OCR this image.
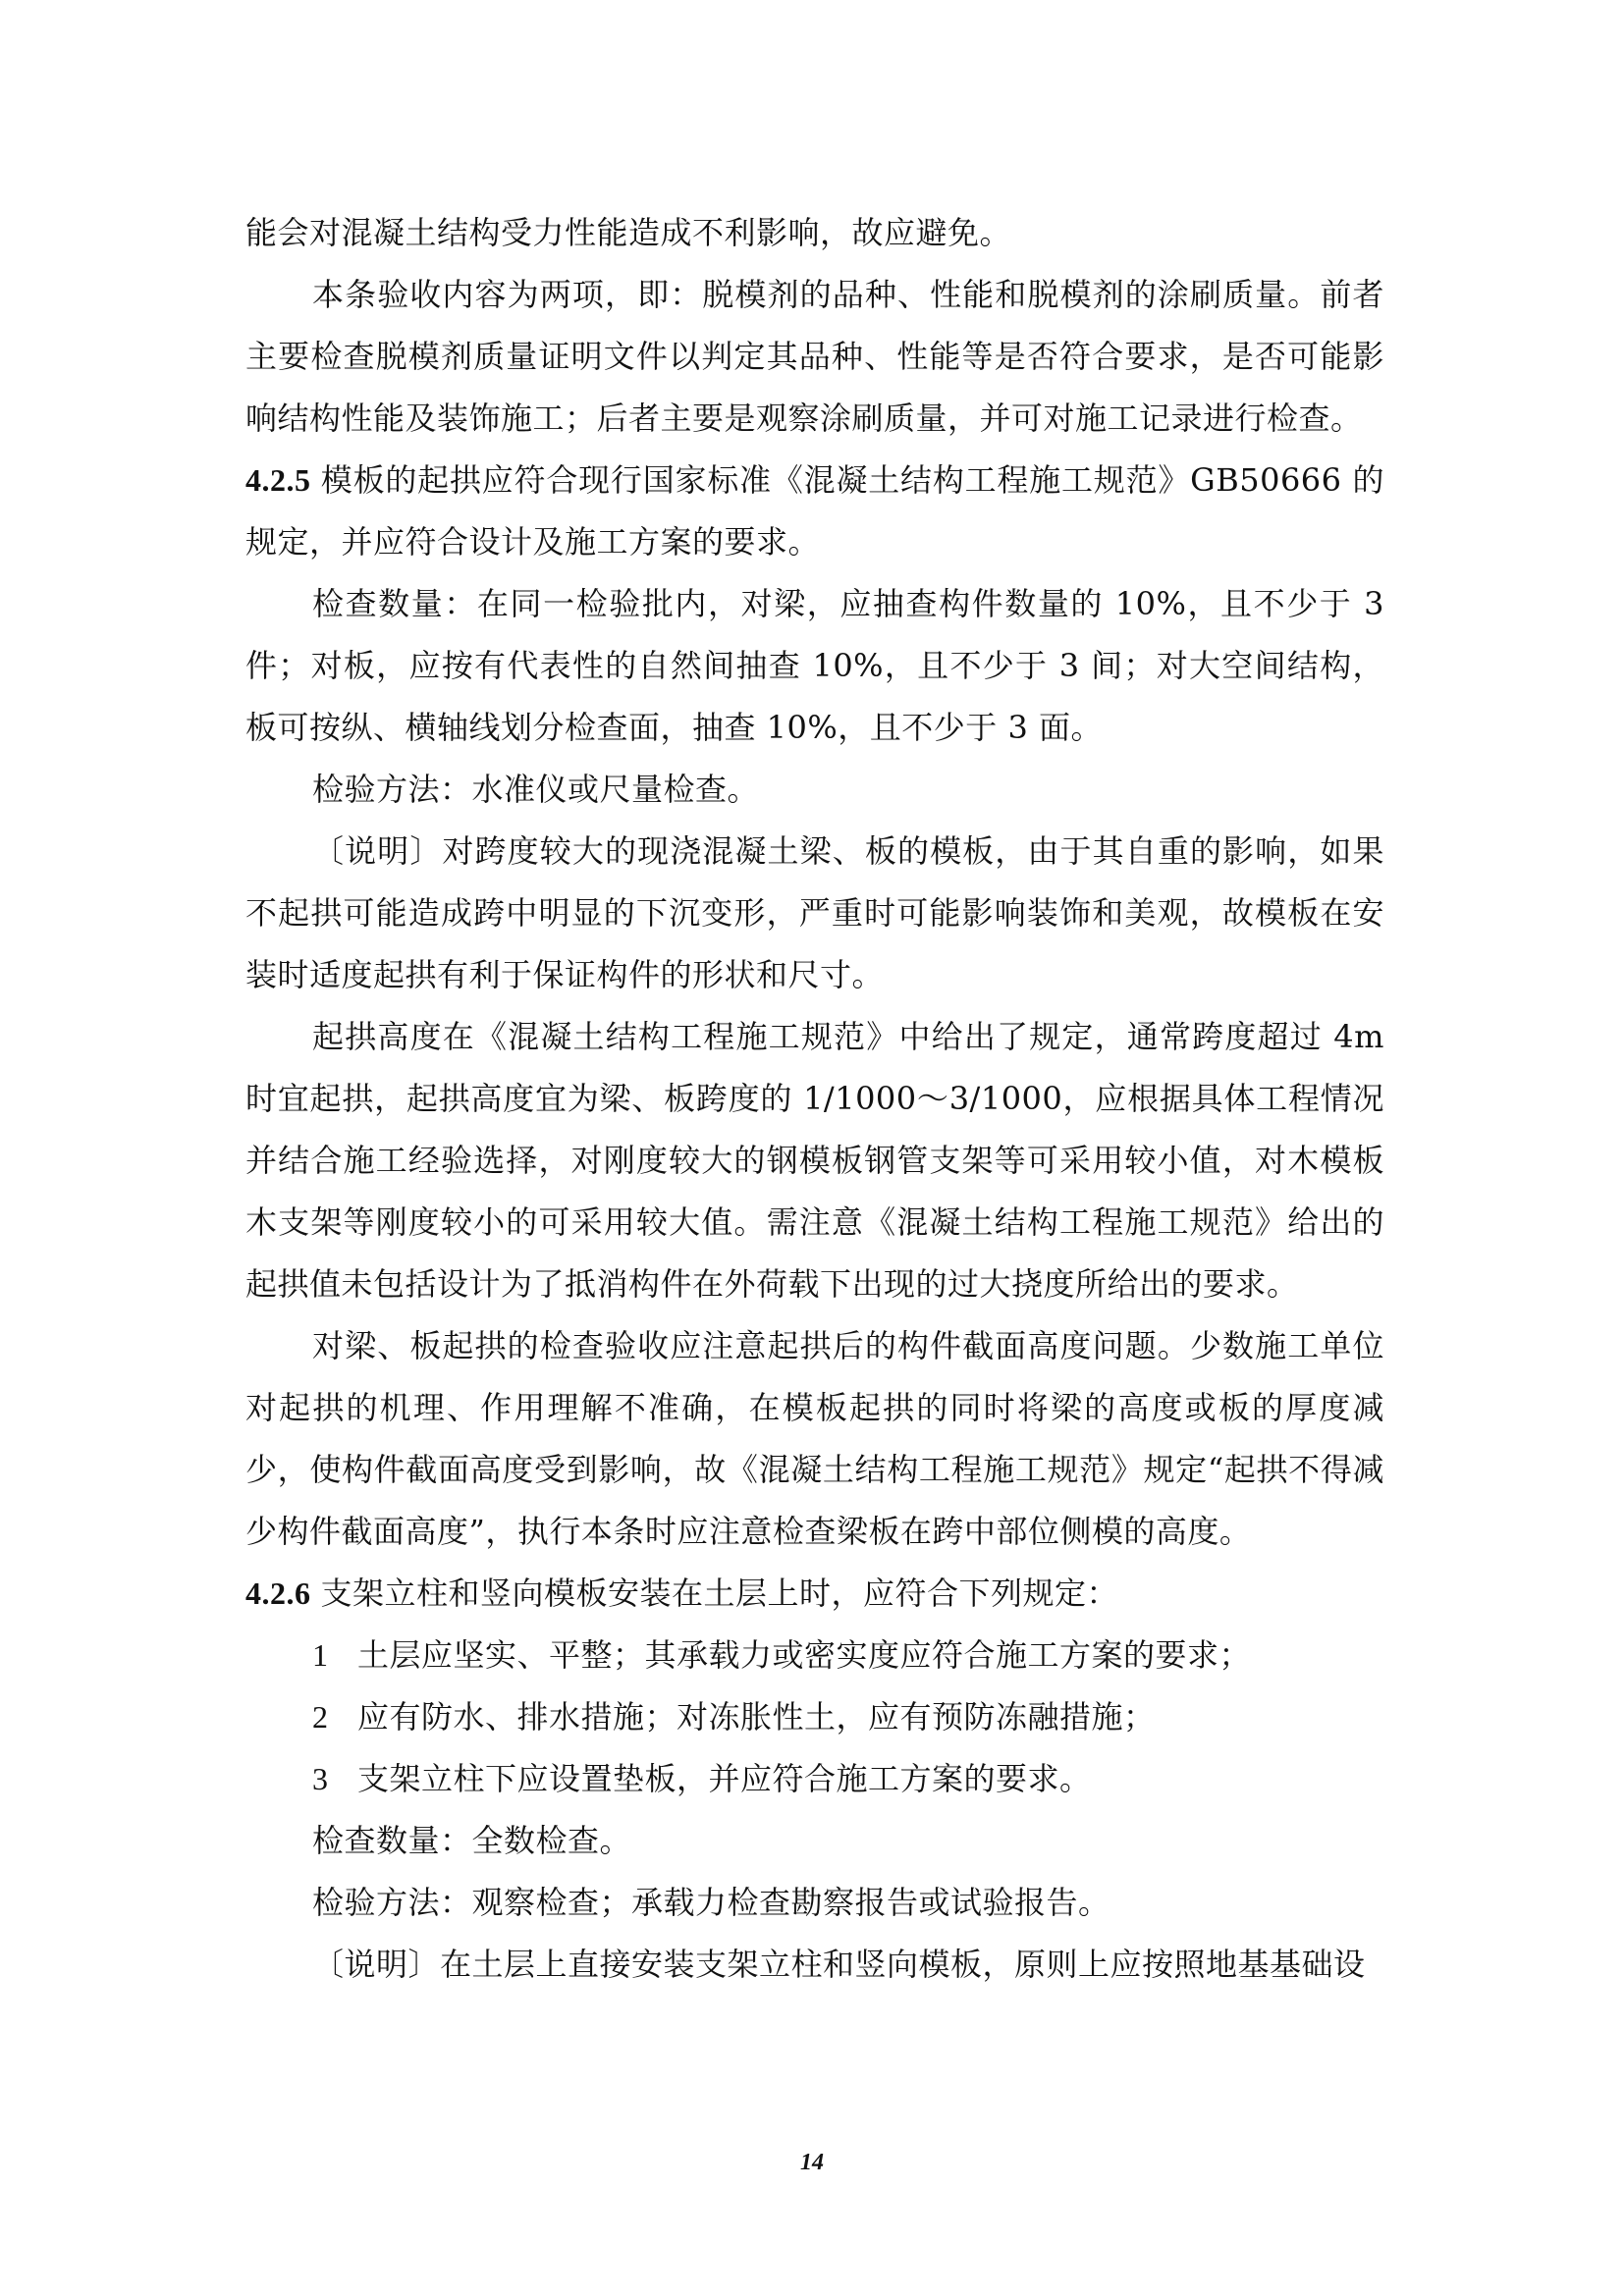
能会对混凝土结构受力性能造成不利影响，故应避免。

本条验收内容为两项，即：脱模剂的品种、性能和脱模剂的涂刷质量。前者主要检查脱模剂质量证明文件以判定其品种、性能等是否符合要求，是否可能影响结构性能及装饰施工；后者主要是观察涂刷质量，并可对施工记录进行检查。

4.2.5 模板的起拱应符合现行国家标准《混凝土结构工程施工规范》GB50666 的规定，并应符合设计及施工方案的要求。

检查数量：在同一检验批内，对梁，应抽查构件数量的 10%，且不少于 3 件；对板，应按有代表性的自然间抽查 10%，且不少于 3 间；对大空间结构，板可按纵、横轴线划分检查面，抽查 10%，且不少于 3 面。

检验方法：水准仪或尺量检查。

〔说明〕对跨度较大的现浇混凝土梁、板的模板，由于其自重的影响，如果不起拱可能造成跨中明显的下沉变形，严重时可能影响装饰和美观，故模板在安装时适度起拱有利于保证构件的形状和尺寸。

起拱高度在《混凝土结构工程施工规范》中给出了规定，通常跨度超过 4m 时宜起拱，起拱高度宜为梁、板跨度的 1/1000～3/1000，应根据具体工程情况并结合施工经验选择，对刚度较大的钢模板钢管支架等可采用较小值，对木模板木支架等刚度较小的可采用较大值。需注意《混凝土结构工程施工规范》给出的起拱值未包括设计为了抵消构件在外荷载下出现的过大挠度所给出的要求。

对梁、板起拱的检查验收应注意起拱后的构件截面高度问题。少数施工单位对起拱的机理、作用理解不准确，在模板起拱的同时将梁的高度或板的厚度减少，使构件截面高度受到影响，故《混凝土结构工程施工规范》规定“起拱不得减少构件截面高度”，执行本条时应注意检查梁板在跨中部位侧模的高度。

4.2.6 支架立柱和竖向模板安装在土层上时，应符合下列规定：

1 土层应坚实、平整；其承载力或密实度应符合施工方案的要求；

2 应有防水、排水措施；对冻胀性土，应有预防冻融措施；

3 支架立柱下应设置垫板，并应符合施工方案的要求。

检查数量：全数检查。

检验方法：观察检查；承载力检查勘察报告或试验报告。

〔说明〕在土层上直接安装支架立柱和竖向模板，原则上应按照地基基础设

14
